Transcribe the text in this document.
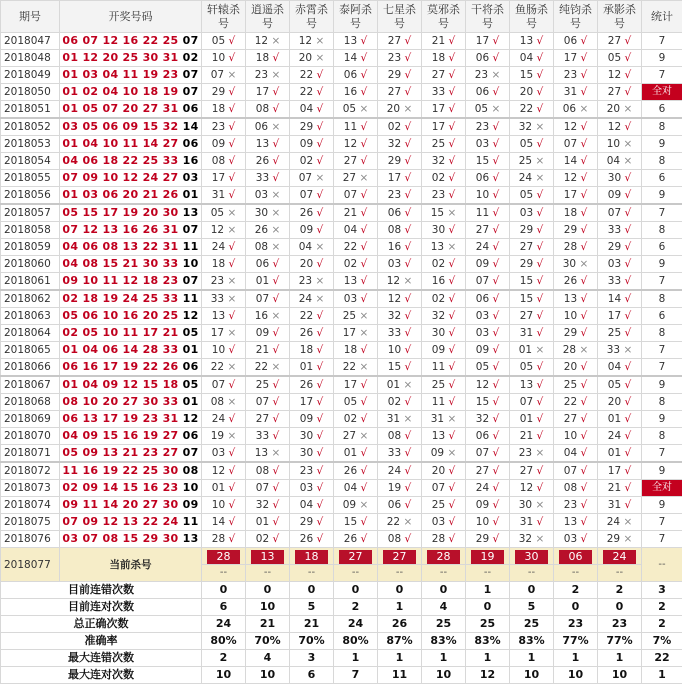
期号	开奖号码	轩辕杀号	逍遥杀号	赤霄杀号	泰阿杀号	七星杀号	莫邪杀号	干将杀号	鱼肠杀号	纯钧杀号	承影杀号	统计
2018047	06 07 12 16 22 25 07	05 √	12 ×	12 ×	13 √	27 √	21 √	17 √	13 √	06 √	27 √	7
2018048	01 12 20 25 30 31 02	10 √	18 √	20 ×	14 √	23 √	18 √	06 √	04 √	17 √	05 √	9
2018049	01 03 04 11 19 23 07	07 ×	23 ×	22 √	06 √	29 √	27 √	23 ×	15 √	23 √	12 √	7
2018050	01 02 04 10 18 19 07	29 √	17 √	22 √	16 √	27 √	33 √	06 √	20 √	31 √	27 √	全对
2018051	01 05 07 20 27 31 06	18 √	08 √	04 √	05 ×	20 ×	17 √	05 ×	22 √	06 ×	20 ×	6
2018052	03 05 06 09 15 32 14	23 √	06 ×	29 √	11 √	02 √	17 √	23 √	32 ×	12 √	12 √	8
2018053	01 04 10 11 14 27 06	09 √	13 √	09 √	12 √	32 √	25 √	03 √	05 √	07 √	10 ×	9
2018054	04 06 18 22 25 33 16	08 √	26 √	02 √	27 √	29 √	32 √	15 √	25 ×	14 √	04 ×	8
2018055	07 09 10 12 24 27 03	17 √	33 √	07 ×	27 ×	17 √	02 √	06 √	24 ×	12 √	30 √	6
2018056	01 03 06 20 21 26 01	31 √	03 ×	07 √	07 √	23 √	23 √	10 √	05 √	17 √	09 √	9
2018057	05 15 17 19 20 30 13	05 ×	30 ×	26 √	21 √	06 √	15 ×	11 √	03 √	18 √	07 √	7
2018058	07 12 13 16 26 31 07	12 ×	26 ×	09 √	04 √	08 √	30 √	27 √	29 √	29 √	33 √	8
2018059	04 06 08 13 22 31 11	24 √	08 ×	04 ×	22 √	16 √	13 ×	24 √	27 √	28 √	29 √	6
2018060	04 08 15 21 30 33 10	18 √	06 √	20 √	02 √	03 √	02 √	09 √	29 √	30 ×	03 √	9
2018061	09 10 11 12 18 23 07	23 ×	01 √	23 ×	13 √	12 ×	16 √	07 √	15 √	26 √	33 √	7
2018062	02 18 19 24 25 33 11	33 ×	07 √	24 ×	03 √	12 √	02 √	06 √	15 √	13 √	14 √	8
2018063	05 06 10 16 20 25 12	13 √	16 ×	22 √	25 ×	32 √	32 √	03 √	27 √	10 √	17 √	6
2018064	02 05 10 11 17 21 05	17 ×	09 √	26 √	17 ×	33 √	30 √	03 √	31 √	29 √	25 √	8
2018065	01 04 06 14 28 33 01	10 √	21 √	18 √	18 √	10 √	09 √	09 √	01 ×	28 ×	33 ×	7
2018066	06 16 17 19 22 26 06	22 ×	22 ×	01 √	22 ×	15 √	11 √	05 √	05 √	20 √	04 √	7
2018067	01 04 09 12 15 18 05	07 √	25 √	26 √	17 √	01 ×	25 √	12 √	13 √	25 √	05 √	9
2018068	08 10 20 27 30 33 01	08 ×	07 √	17 √	05 √	02 √	11 √	15 √	07 √	22 √	20 √	8
2018069	06 13 17 19 23 31 12	24 √	27 √	09 √	02 √	31 ×	31 ×	32 √	01 √	27 √	01 √	9
2018070	04 09 15 16 19 27 06	19 ×	33 √	30 √	27 ×	08 √	13 √	06 √	21 √	10 √	24 √	8
2018071	05 09 13 21 23 27 07	03 √	13 ×	30 √	01 √	33 √	09 ×	07 √	23 ×	04 √	01 √	7
2018072	11 16 19 22 25 30 08	12 √	08 √	23 √	26 √	24 √	20 √	27 √	27 √	07 √	17 √	9
2018073	02 09 14 15 16 23 10	01 √	07 √	03 √	04 √	19 √	07 √	24 √	12 √	08 √	21 √	全对
2018074	09 11 14 20 27 30 09	10 √	32 √	04 √	09 ×	06 √	25 √	09 √	30 ×	23 √	31 √	9
2018075	07 09 12 13 22 24 11	14 √	01 √	29 √	15 √	22 ×	03 √	10 √	31 √	13 √	24 ×	7
2018076	03 07 08 15 29 30 13	28 √	02 √	26 √	26 √	08 √	28 √	29 √	32 ×	03 √	29 ×	7
2018077	当前杀号	28	13	18	27	27	28	19	30	06	24	--

		--	--	--	--	--	--	--	--	--	--	

目前连错次数		0	0	0	0	0	0	1	0	2	2	3
目前连对次数		6	10	5	2	1	4	0	5	0	0	2
总正确次数		24	21	21	24	26	25	25	25	23	23	2
准确率		80%	70%	70%	80%	87%	83%	83%	83%	77%	77%	7%
最大连错次数		2	4	3	1	1	1	1	1	1	1	22
最大连对次数		10	10	6	7	11	10	12	10	10	10	1
